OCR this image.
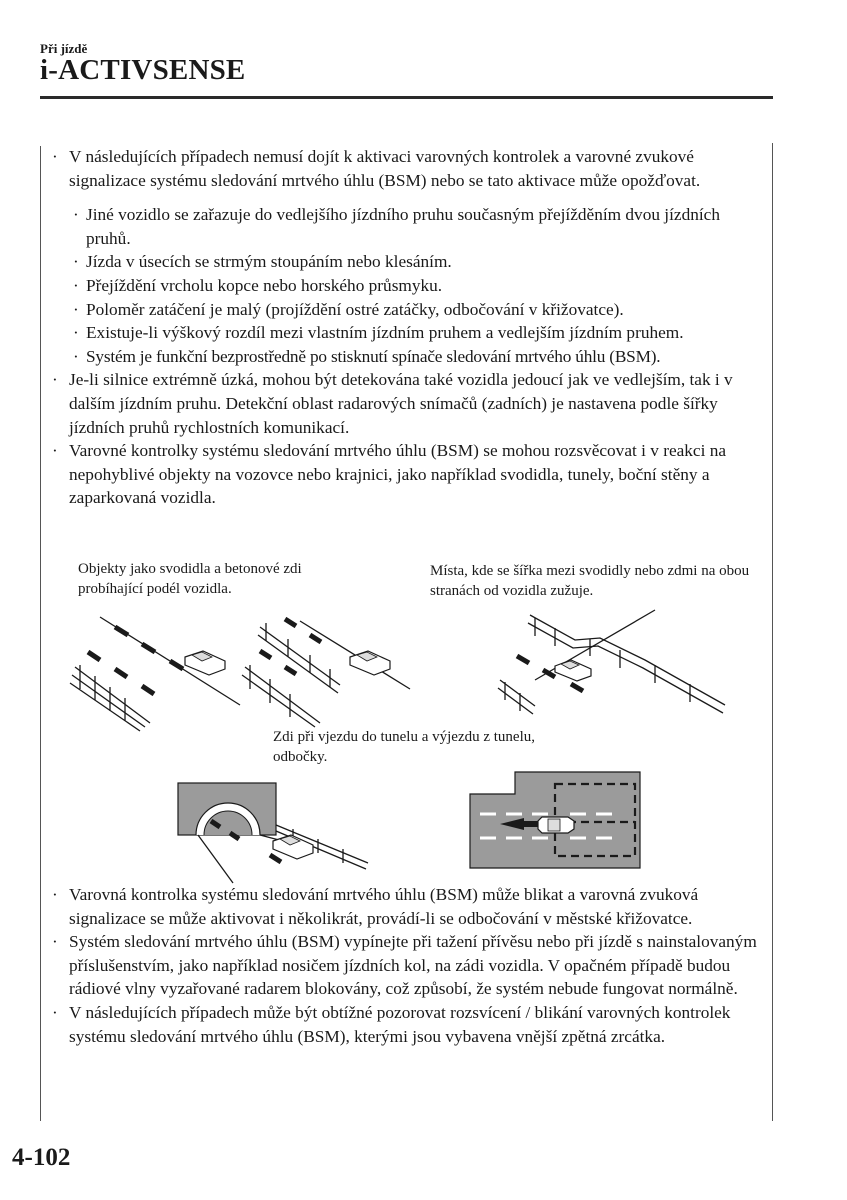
Při jízdě
i-ACTIVSENSE
· V následujících případech nemusí dojít k aktivaci varovných kontrolek a varovné zvukové signalizace systému sledování mrtvého úhlu (BSM) nebo se tato aktivace může opožďovat.
· Jiné vozidlo se zařazuje do vedlejšího jízdního pruhu současným přejížděním dvou jízdních pruhů.
· Jízda v úsecích se strmým stoupáním nebo klesáním.
· Přejíždění vrcholu kopce nebo horského průsmyku.
· Poloměr zatáčení je malý (projíždění ostré zatáčky, odbočování v křižovatce).
· Existuje-li výškový rozdíl mezi vlastním jízdním pruhem a vedlejším jízdním pruhem.
· Systém je funkční bezprostředně po stisknutí spínače sledování mrtvého úhlu (BSM).
· Je-li silnice extrémně úzká, mohou být detekována také vozidla jedoucí jak ve vedlejším, tak i v dalším jízdním pruhu. Detekční oblast radarových snímačů (zadních) je nastavena podle šířky jízdních pruhů rychlostních komunikací.
· Varovné kontrolky systému sledování mrtvého úhlu (BSM) se mohou rozsvěcovat i v reakci na nepohyblivé objekty na vozovce nebo krajnici, jako například svodidla, tunely, boční stěny a zaparkovaná vozidla.
Objekty jako svodidla a betonové zdi probíhající podél vozidla.
Místa, kde se šířka mezi svodidly nebo zdmi na obou stranách od vozidla zužuje.
Zdi při vjezdu do tunelu a výjezdu z tunelu, odbočky.
· Varovná kontrolka systému sledování mrtvého úhlu (BSM) může blikat a varovná zvuková signalizace se může aktivovat i několikrát, provádí-li se odbočování v městské křižovatce.
· Systém sledování mrtvého úhlu (BSM) vypínejte při tažení přívěsu nebo při jízdě s nainstalovaným příslušenstvím, jako například nosičem jízdních kol, na zádi vozidla. V opačném případě budou rádiové vlny vyzařované radarem blokovány, což způsobí, že systém nebude fungovat normálně.
· V následujících případech může být obtížné pozorovat rozsvícení / blikání varovných kontrolek systému sledování mrtvého úhlu (BSM), kterými jsou vybavena vnější zpětná zrcátka.
4-102
